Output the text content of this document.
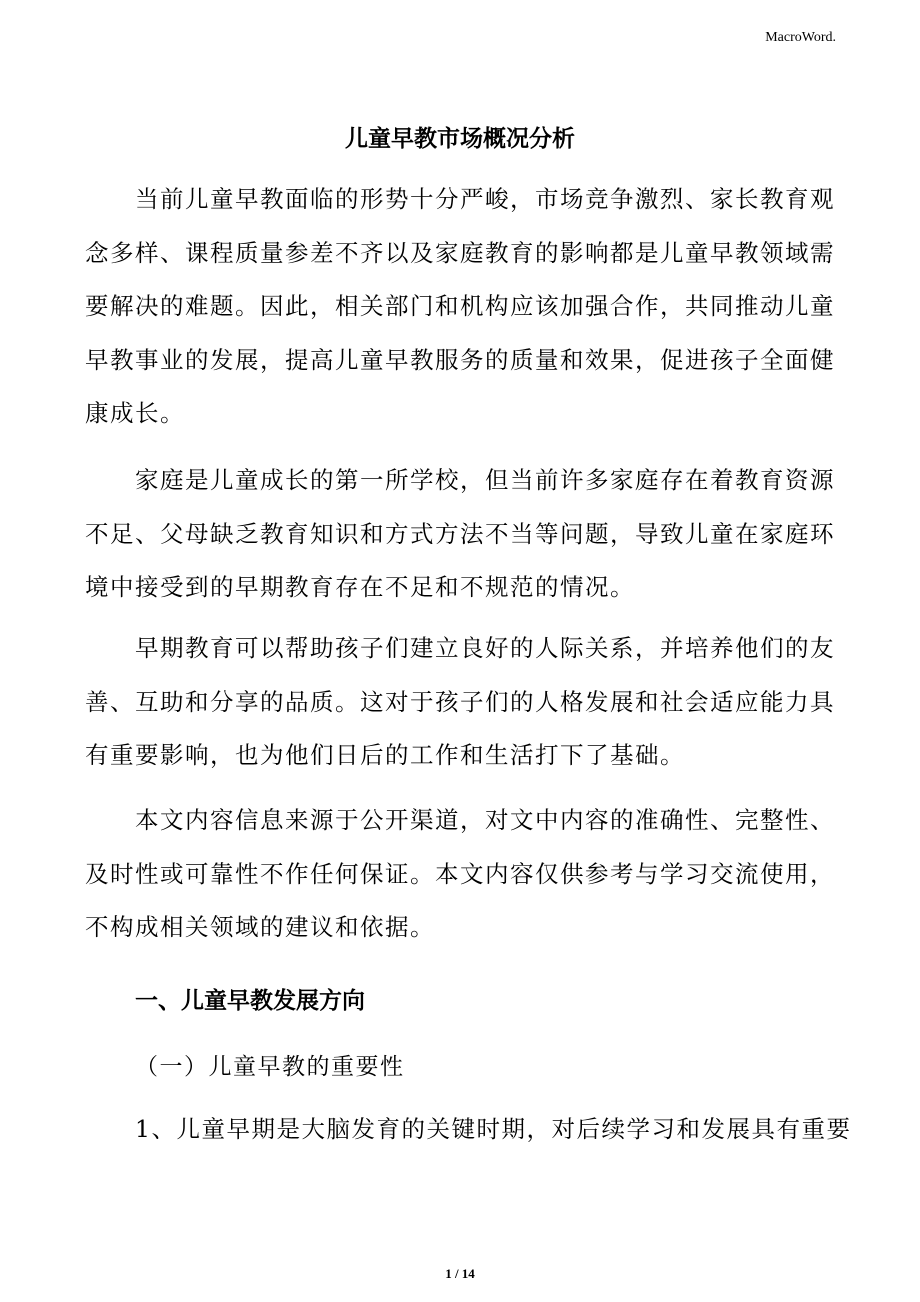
MacroWord.
儿童早教市场概况分析
当前儿童早教面临的形势十分严峻，市场竞争激烈、家长教育观
念多样、课程质量参差不齐以及家庭教育的影响都是儿童早教领域需
要解决的难题。因此，相关部门和机构应该加强合作，共同推动儿童
早教事业的发展，提高儿童早教服务的质量和效果，促进孩子全面健
康成长。
家庭是儿童成长的第一所学校，但当前许多家庭存在着教育资源
不足、父母缺乏教育知识和方式方法不当等问题，导致儿童在家庭环
境中接受到的早期教育存在不足和不规范的情况。
早期教育可以帮助孩子们建立良好的人际关系，并培养他们的友
善、互助和分享的品质。这对于孩子们的人格发展和社会适应能力具
有重要影响，也为他们日后的工作和生活打下了基础。
本文内容信息来源于公开渠道，对文中内容的准确性、完整性、
及时性或可靠性不作任何保证。本文内容仅供参考与学习交流使用，
不构成相关领域的建议和依据。
一、儿童早教发展方向
（一）儿童早教的重要性
1、儿童早期是大脑发育的关键时期，对后续学习和发展具有重要
1 / 14
